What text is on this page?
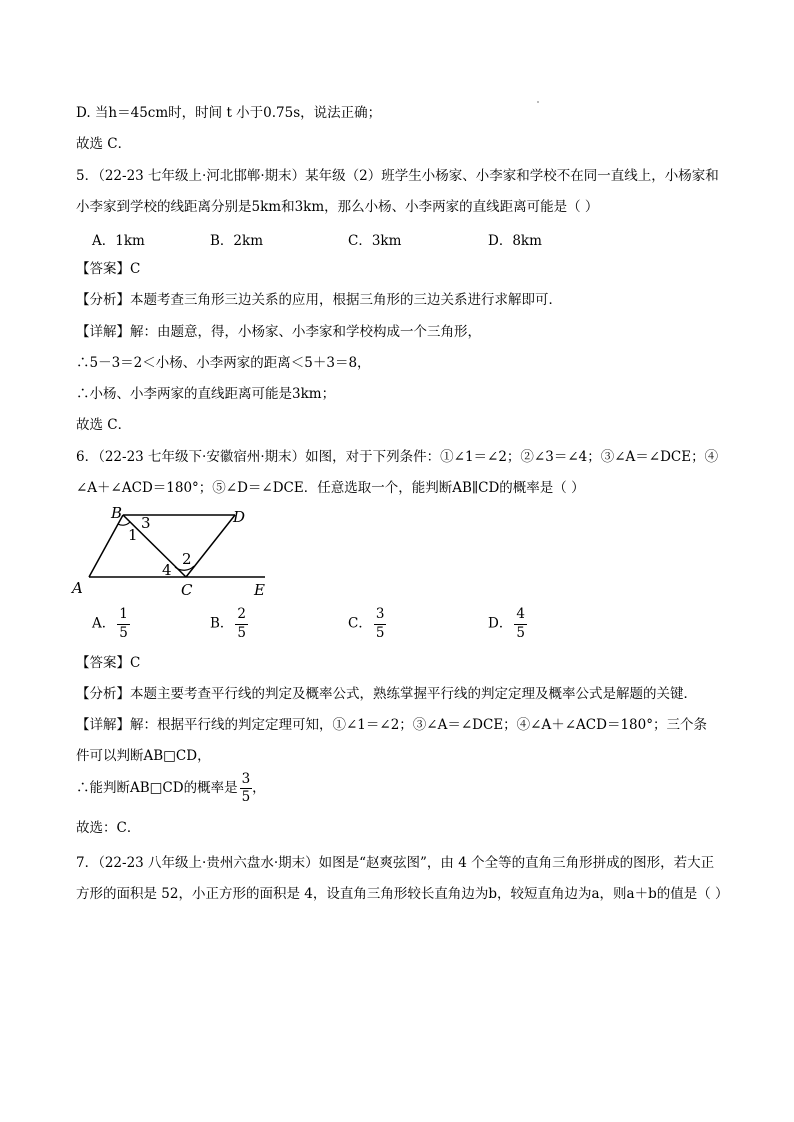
D. 当h＝45cm时，时间 t 小于0.75s，说法正确；
故选 C．
5．（22-23 七年级上·河北邯郸·期末）某年级（2）班学生小杨家、小李家和学校不在同一直线上，小杨家和
小李家到学校的线距离分别是5km和3km，那么小杨、小李两家的直线距离可能是（ ）
A．1km	B．2km	C．3km	D．8km
【答案】C
【分析】本题考查三角形三边关系的应用，根据三角形的三边关系进行求解即可．
【详解】解：由题意，得，小杨家、小李家和学校构成一个三角形，
∴5－3＝2＜小杨、小李两家的距离＜5＋3＝8，
∴小杨、小李两家的直线距离可能是3km；
故选 C．
6．（22-23 七年级下·安徽宿州·期末）如图，对于下列条件：①∠1＝∠2；②∠3＝∠4；③∠A＝∠DCE；④
∠A＋∠ACD＝180°；⑤∠D＝∠DCE．任意选取一个，能判断AB∥CD的概率是（ ）
B	D
A	C	E
1
3
2
4
A． $\frac{1}{5}$	B． $\frac{2}{5}$	C． $\frac{3}{5}$	D． $\frac{4}{5}$
【答案】C
【分析】本题主要考查平行线的判定及概率公式，熟练掌握平行线的判定定理及概率公式是解题的关键．
【详解】解：根据平行线的判定定理可知，①∠1＝∠2；③∠A＝∠DCE；④∠A＋∠ACD＝180°；三个条
件可以判断AB□CD，
∴能判断AB□CD的概率是 $\frac{3}{5}$ ，
故选：C．
7．（22-23 八年级上·贵州六盘水·期末）如图是“赵爽弦图”，由 4 个全等的直角三角形拼成的图形，若大正
方形的面积是 52，小正方形的面积是 4，设直角三角形较长直角边为b，较短直角边为a，则a＋b的值是（ ）
